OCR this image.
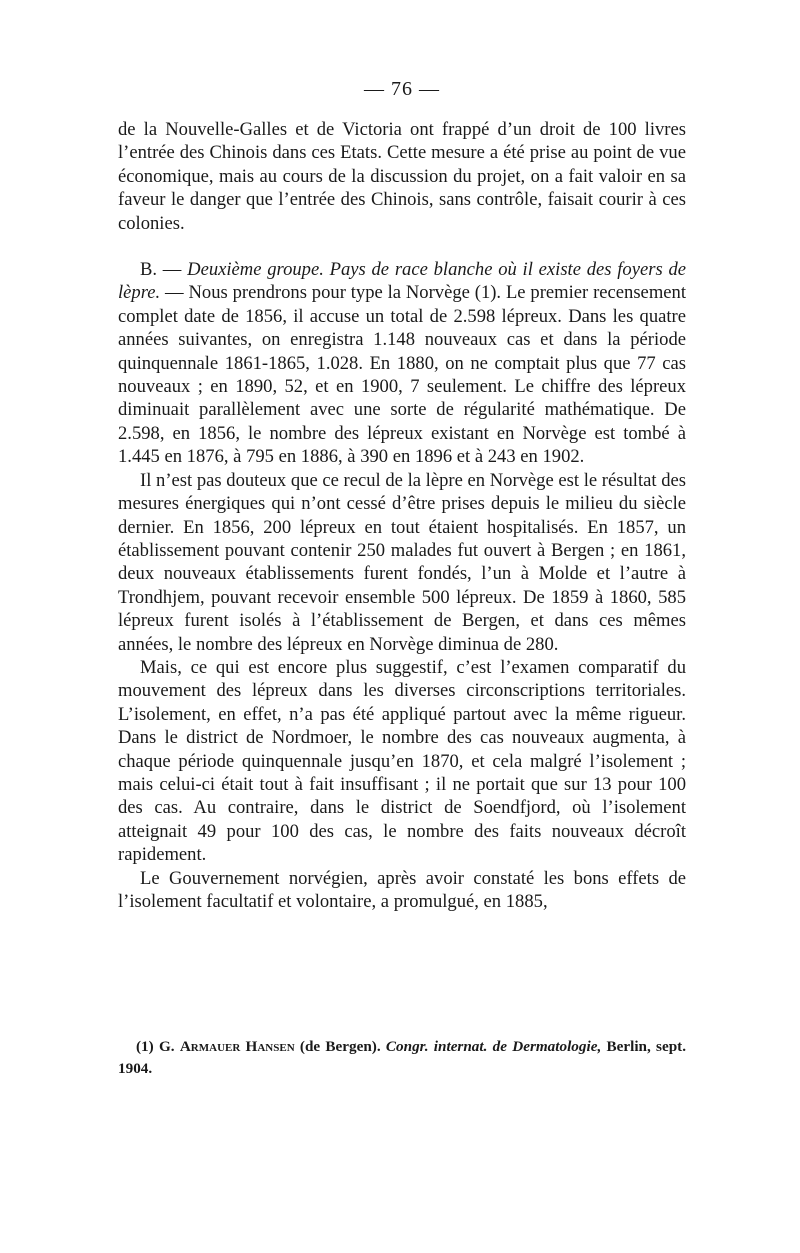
— 76 —

de la Nouvelle-Galles et de Victoria ont frappé d’un droit de 100 livres l’entrée des Chinois dans ces Etats. Cette mesure a été prise au point de vue économique, mais au cours de la discussion du projet, on a fait valoir en sa faveur le danger que l’entrée des Chinois, sans contrôle, faisait courir à ces colonies.

B. — Deuxième groupe. Pays de race blanche où il existe des foyers de lèpre. — Nous prendrons pour type la Norvège (1). Le premier recensement complet date de 1856, il accuse un total de 2.598 lépreux. Dans les quatre années suivantes, on enregistra 1.148 nouveaux cas et dans la période quinquennale 1861-1865, 1.028. En 1880, on ne comptait plus que 77 cas nouveaux ; en 1890, 52, et en 1900, 7 seulement. Le chiffre des lépreux diminuait parallèlement avec une sorte de régularité mathématique. De 2.598, en 1856, le nombre des lépreux existant en Norvège est tombé à 1.445 en 1876, à 795 en 1886, à 390 en 1896 et à 243 en 1902.

Il n’est pas douteux que ce recul de la lèpre en Norvège est le résultat des mesures énergiques qui n’ont cessé d’être prises depuis le milieu du siècle dernier. En 1856, 200 lépreux en tout étaient hospitalisés. En 1857, un établissement pouvant contenir 250 malades fut ouvert à Bergen ; en 1861, deux nouveaux établissements furent fondés, l’un à Molde et l’autre à Trondhjem, pouvant recevoir ensemble 500 lépreux. De 1859 à 1860, 585 lépreux furent isolés à l’établissement de Bergen, et dans ces mêmes années, le nombre des lépreux en Norvège diminua de 280.

Mais, ce qui est encore plus suggestif, c’est l’examen comparatif du mouvement des lépreux dans les diverses circonscriptions territoriales. L’isolement, en effet, n’a pas été appliqué partout avec la même rigueur. Dans le district de Nordmoer, le nombre des cas nouveaux augmenta, à chaque période quinquennale jusqu’en 1870, et cela malgré l’isolement ; mais celui-ci était tout à fait insuffisant ; il ne portait que sur 13 pour 100 des cas. Au contraire, dans le district de Soendfjord, où l’isolement atteignait 49 pour 100 des cas, le nombre des faits nouveaux décroît rapidement.

Le Gouvernement norvégien, après avoir constaté les bons effets de l’isolement facultatif et volontaire, a promulgué, en 1885,

(1) G. Armauer Hansen (de Bergen). Congr. internat. de Dermatologie, Berlin, sept. 1904.
